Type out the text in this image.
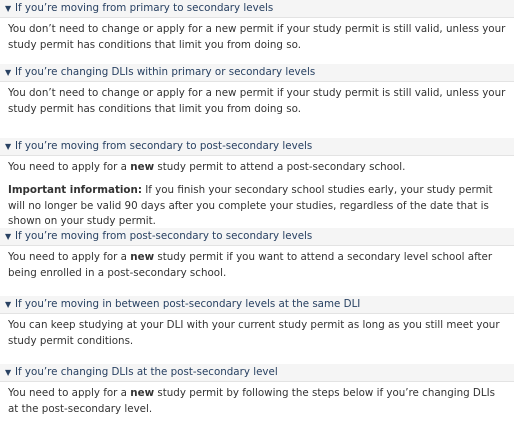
▼If you’re moving from primary to secondary levels

You don’t need to change or apply for a new permit if your study permit is still valid, unless your study permit has conditions that limit you from doing so.

▼If you’re changing DLIs within primary or secondary levels

You don’t need to change or apply for a new permit if your study permit is still valid, unless your study permit has conditions that limit you from doing so.

▼If you’re moving from secondary to post-secondary levels

You need to apply for a new study permit to attend a post-secondary school.

Important information: If you finish your secondary school studies early, your study permit will no longer be valid 90 days after you complete your studies, regardless of the date that is shown on your study permit.

▼If you’re moving from post-secondary to secondary levels

You need to apply for a new study permit if you want to attend a secondary level school after being enrolled in a post-secondary school.

▼If you’re moving in between post-secondary levels at the same DLI

You can keep studying at your DLI with your current study permit as long as you still meet your study permit conditions.

▼If you’re changing DLIs at the post-secondary level

You need to apply for a new study permit by following the steps below if you’re changing DLIs at the post-secondary level.
